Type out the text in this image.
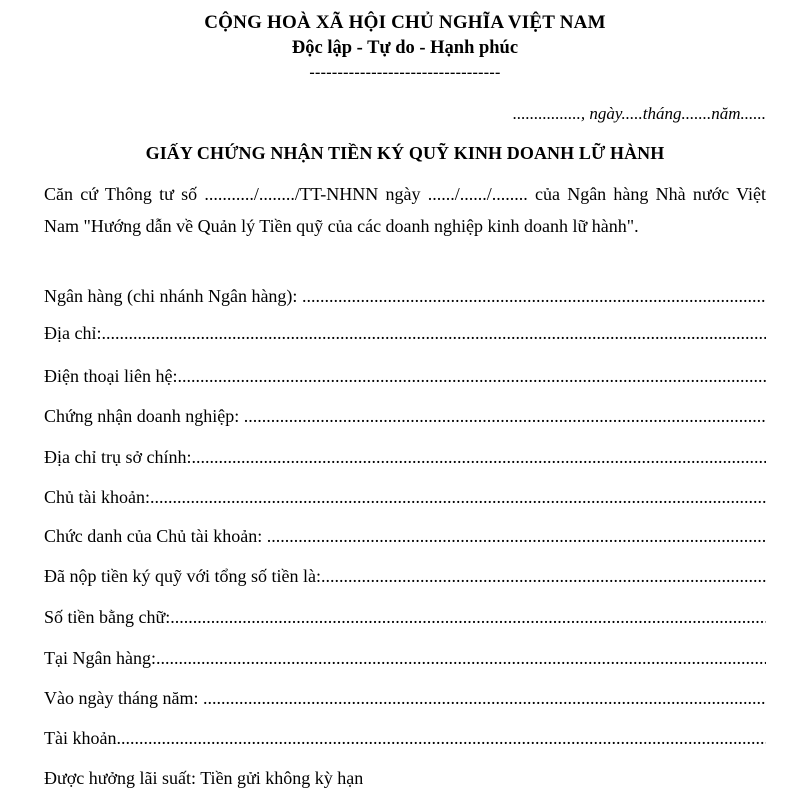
CỘNG HOÀ XÃ HỘI CHỦ NGHĨA VIỆT NAM
Độc lập - Tự do - Hạnh phúc
----------------------------------
................, ngày.....tháng.......năm......
GIẤY CHỨNG NHẬN TIỀN KÝ QUỸ KINH DOANH LỮ HÀNH

Căn cứ Thông tư số .........../......../TT-NHNN ngày ....../....../........ của Ngân hàng Nhà nước Việt Nam "Hướng dẫn về Quản lý Tiền quỹ của các doanh nghiệp kinh doanh lữ hành".

Ngân hàng (chi nhánh Ngân hàng):
.....
Địa chỉ:
.....
Điện thoại liên hệ:
.....
Chứng nhận doanh nghiệp:
.....
Địa chỉ trụ sở chính:
.....
Chủ tài khoản:
.....
Chức danh của Chủ tài khoản:
.....
Đã nộp tiền ký quỹ với tổng số tiền là:
.....
Số tiền bằng chữ:
.....
Tại Ngân hàng:
.....
Vào ngày tháng năm:
.....
Tài khoản
.....
Được hưởng lãi suất: Tiền gửi không kỳ hạn
